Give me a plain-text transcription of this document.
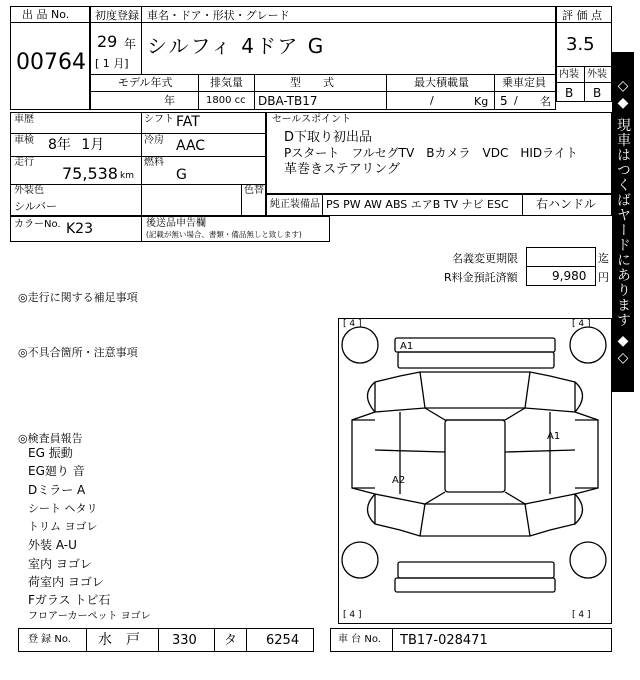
出 品 No.
00764
初度登録
29 年
[ 1 月]
車名・ドア・形状・グレード
シルフィ 4ドア G
モデル年式
年
排気量
1800 cc
型　　式
DBA-TB17
最大積載量
/	Kg
乗車定員
5 / 名
評 価 点
3.5
内装 外装
B B ◇◆ 現車はつくばヤードにあります ◆◇
車歴	シフト FAT
車検 8年 1月	冷房 AAC
走行
75,538 km
燃料
G
セールスポイント
D下取り初出品
Pスタート　フルセグTV　Bカメラ　VDC　HIDライト
革巻きステアリング
外装色
シルバー
色替
純正装備品 PS PW AW ABS エアB TV ナビ ESC 右ハンドル
カラーNo. K23	後送品申告欄
(記載が無い場合、書類・備品無しと致します)
名義変更期限	迄
R料金預託済額	9,980 円
◎走行に関する補足事項
◎不具合箇所・注意事項
◎検査員報告
EG 振動
EG廻り 音
Dミラー A
シート ヘタリ
トリム ヨゴレ
外装 A-U
室内 ヨゴレ
荷室内 ヨゴレ
Fガラス トビ石
フロアーカーペット ヨゴレ
[ 4 ]	[ 4 ]
[ 4 ]	[ 4 ]
A1
A1
A2
登 録 No. 水　戸 330 タ 6254	車 台 No. TB17-028471
